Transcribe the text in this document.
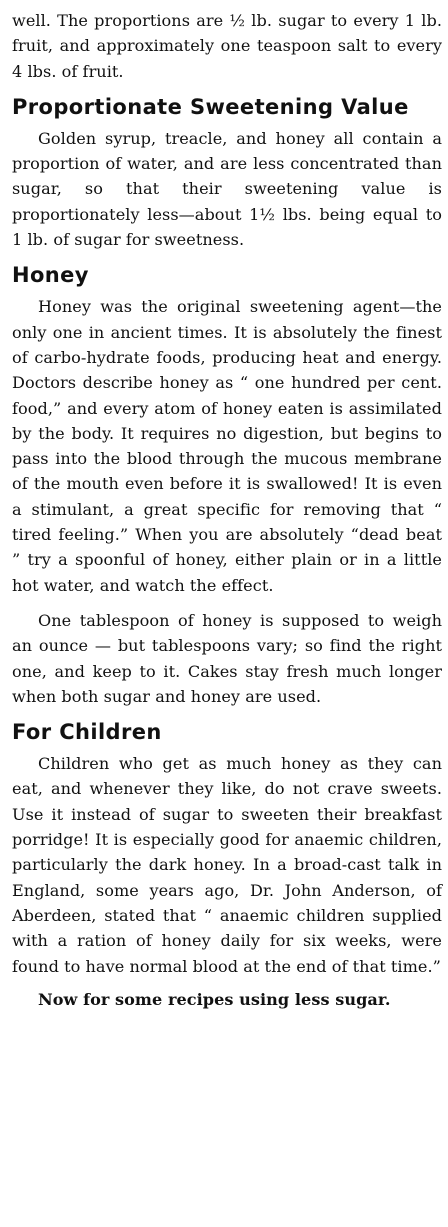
well. The proportions are ½ lb. sugar to every 1 lb. fruit, and approximately one teaspoon salt to every 4 lbs. of fruit.

Proportionate Sweetening Value

Golden syrup, treacle, and honey all contain a proportion of water, and are less concentrated than sugar, so that their sweetening value is proportionately less—about 1½ lbs. being equal to 1 lb. of sugar for sweetness.

Honey

Honey was the original sweetening agent—the only one in ancient times. It is absolutely the finest of carbo-hydrate foods, producing heat and energy. Doctors describe honey as “ one hundred per cent. food,” and every atom of honey eaten is assimilated by the body. It requires no digestion, but begins to pass into the blood through the mucous membrane of the mouth even before it is swallowed! It is even a stimulant, a great specific for removing that “ tired feeling.” When you are absolutely “dead beat ” try a spoonful of honey, either plain or in a little hot water, and watch the effect.

One tablespoon of honey is supposed to weigh an ounce — but tablespoons vary; so find the right one, and keep to it. Cakes stay fresh much longer when both sugar and honey are used.

For Children

Children who get as much honey as they can eat, and whenever they like, do not crave sweets. Use it instead of sugar to sweeten their breakfast porridge! It is especially good for anaemic children, particularly the dark honey. In a broad-cast talk in England, some years ago, Dr. John Anderson, of Aberdeen, stated that “ anaemic children supplied with a ration of honey daily for six weeks, were found to have normal blood at the end of that time.”

Now for some recipes using less sugar.
